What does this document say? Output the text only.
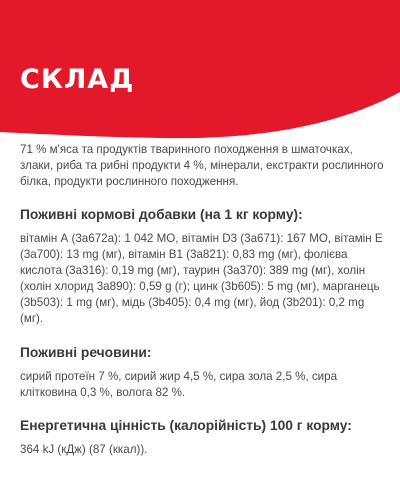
СКЛАД

71 % м'яса та продуктів тваринного походження в шматочках, злаки, риба та рибні продукти 4 %, мінерали, екстракти рослинного білка, продукти рослинного походження.

Поживні кормові добавки (на 1 кг корму):

вітамін А (3a672a): 1 042 МО, вітамін D3 (3a671): 167 МО, вітамін Е (3a700): 13 mg (мг), вітамін В1 (3a821): 0,83 mg (мг), фолієва кислота (3a316): 0,19 mg (мг), таурин (3a370): 389 mg (мг), холін (холін хлорид 3a890): 0,59 g (г); цинк (3b605): 5 mg (мг), марганець (3b503): 1 mg (мг), мідь (3b405): 0,4 mg (мг), йод (3b201): 0,2 mg (мг).

Поживні речовини:

сирий протеїн 7 %, сирий жир 4,5 %, сира зола 2,5 %, сира клітковина 0,3 %, волога 82 %.

Енергетична цінність (калорійність) 100 г корму:

364 kJ (кДж) (87 (ккал)).
